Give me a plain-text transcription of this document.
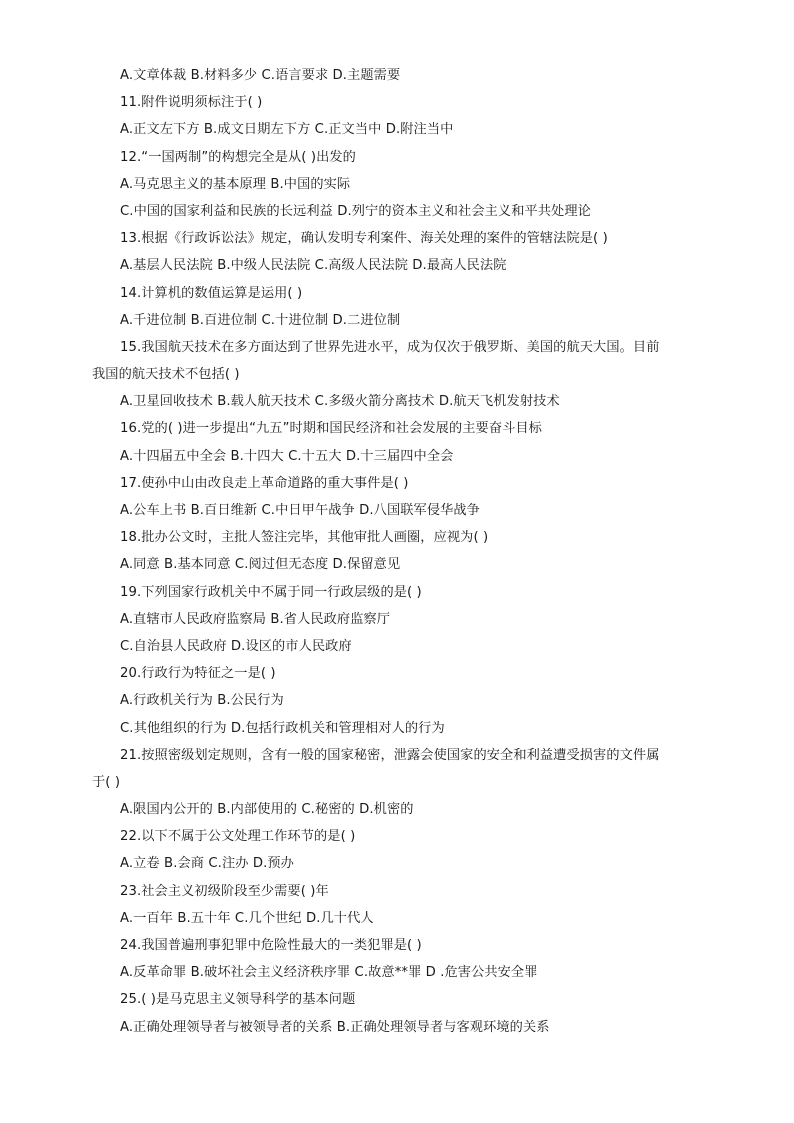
A.文章体裁 B.材料多少 C.语言要求 D.主题需要
11.附件说明须标注于( )
A.正文左下方 B.成文日期左下方 C.正文当中 D.附注当中
12.“一国两制”的构想完全是从( )出发的
A.马克思主义的基本原理 B.中国的实际
C.中国的国家利益和民族的长远利益 D.列宁的资本主义和社会主义和平共处理论
13.根据《行政诉讼法》规定，确认发明专利案件、海关处理的案件的管辖法院是( )
A.基层人民法院 B.中级人民法院 C.高级人民法院 D.最高人民法院
14.计算机的数值运算是运用( )
A.千进位制 B.百进位制 C.十进位制 D.二进位制
15.我国航天技术在多方面达到了世界先进水平，成为仅次于俄罗斯、美国的航天大国。目前
我国的航天技术不包括( )
A.卫星回收技术 B.载人航天技术 C.多级火箭分离技术 D.航天飞机发射技术
16.党的( )进一步提出“九五”时期和国民经济和社会发展的主要奋斗目标
A.十四届五中全会 B.十四大 C.十五大 D.十三届四中全会
17.使孙中山由改良走上革命道路的重大事件是( )
A.公车上书 B.百日维新 C.中日甲午战争 D.八国联军侵华战争
18.批办公文时，主批人签注完毕，其他审批人画圈，应视为( )
A.同意 B.基本同意 C.阅过但无态度 D.保留意见
19.下列国家行政机关中不属于同一行政层级的是( )
A.直辖市人民政府监察局 B.省人民政府监察厅
C.自治县人民政府 D.设区的市人民政府
20.行政行为特征之一是( )
A.行政机关行为 B.公民行为
C.其他组织的行为 D.包括行政机关和管理相对人的行为
21.按照密级划定规则，含有一般的国家秘密，泄露会使国家的安全和利益遭受损害的文件属
于( )
A.限国内公开的 B.内部使用的 C.秘密的 D.机密的
22.以下不属于公文处理工作环节的是( )
A.立卷 B.会商 C.注办 D.预办
23.社会主义初级阶段至少需要( )年
A.一百年 B.五十年 C.几个世纪 D.几十代人
24.我国普遍刑事犯罪中危险性最大的一类犯罪是( )
A.反革命罪 B.破坏社会主义经济秩序罪 C.故意**罪 D .危害公共安全罪
25.( )是马克思主义领导科学的基本问题
A.正确处理领导者与被领导者的关系 B.正确处理领导者与客观环境的关系
